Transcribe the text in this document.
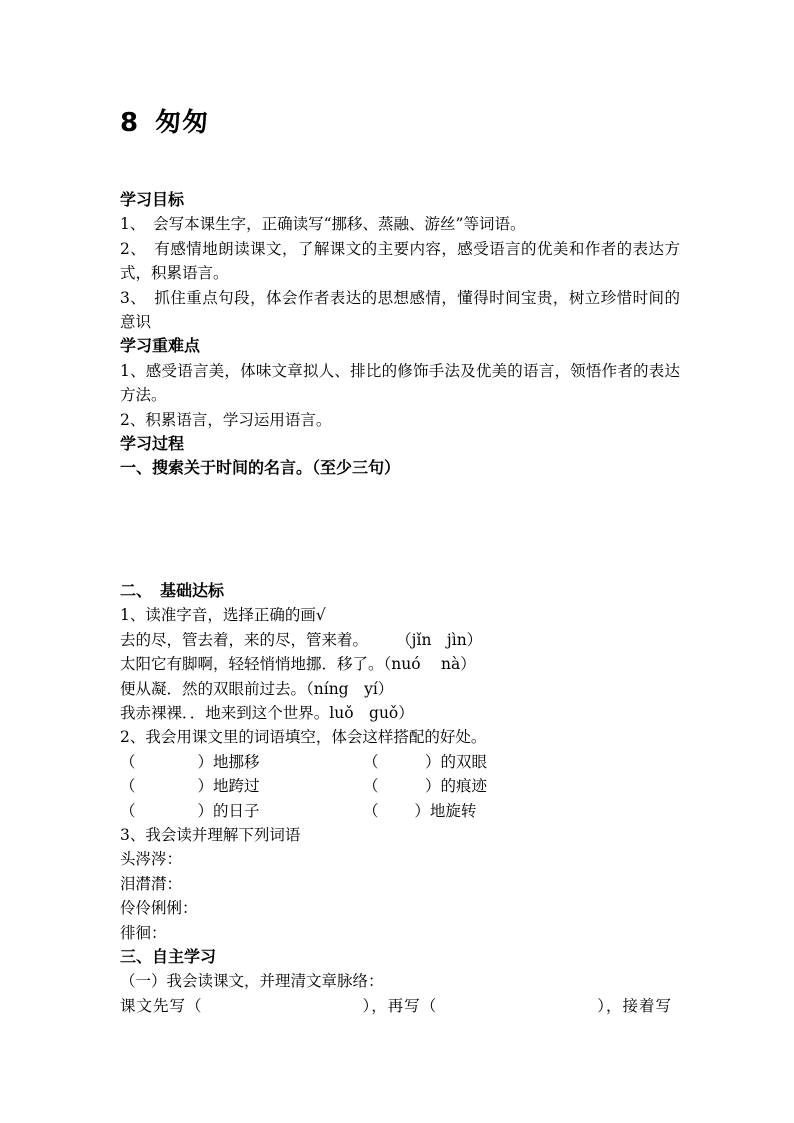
8 匆匆

学习目标

1、　会写本课生字，正确读写“挪移、蒸融、游丝”等词语。

2、　有感情地朗读课文，了解课文的主要内容，感受语言的优美和作者的表达方式，积累语言。

3、　抓住重点句段，体会作者表达的思想感情，懂得时间宝贵，树立珍惜时间的意识

学习重难点

1、感受语言美，体味文章拟人、排比的修饰手法及优美的语言，领悟作者的表达方法。

2、积累语言，学习运用语言。

学习过程

一、搜索关于时间的名言。（至少三句）

二、　基础达标

1、读准字音，选择正确的画√

去的尽，管去着，来的尽，管来着。　　 （jǐn　jìn）

太阳它有脚啊，轻轻悄悄地挪．移了。（nuó　 nà）

便从凝．然的双眼前过去。（níng　yí）

我赤裸裸．．地来到这个世界。luǒ　guǒ）

2、我会用课文里的词语填空，体会这样搭配的好处。

（　　　　）地挪移	（　　　）的双眼
（　　　　）地跨过	（　　　）的痕迹
（　　　　）的日子	（　　 ）地旋转

3、我会读并理解下列词语

头涔涔：

泪潸潸：

伶伶俐俐：

徘徊：

三、自主学习

（一）我会读课文，并理清文章脉络：

课文先写（	），再写（	），接着写
